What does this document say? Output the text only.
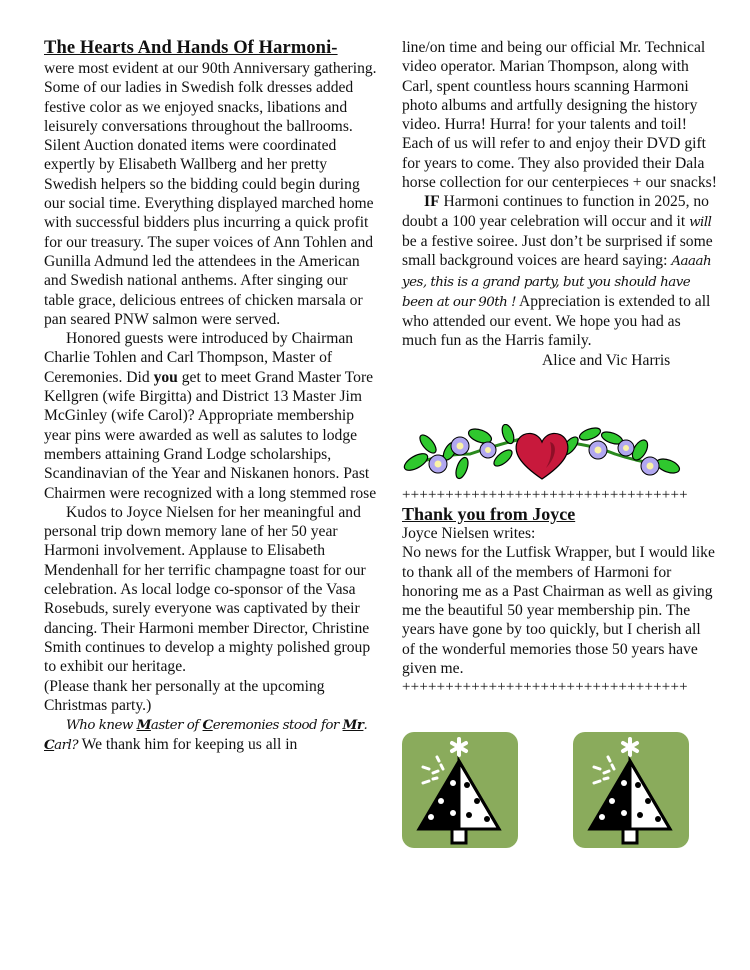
The Hearts And Hands Of Harmoni-

were most evident at our 90th Anniversary gathering. Some of our ladies in Swedish folk dresses added festive color as we enjoyed snacks, libations and leisurely conversations throughout the ballrooms. Silent Auction donated items were coordinated expertly by Elisabeth Wallberg and her pretty Swedish helpers so the bidding could begin during our social time. Everything displayed marched home with successful bidders plus incurring a quick profit for our treasury. The super voices of Ann Tohlen and Gunilla Admund led the attendees in the American and Swedish national anthems. After singing our table grace, delicious entrees of chicken marsala or pan seared PNW salmon were served.

Honored guests were introduced by Chairman Charlie Tohlen and Carl Thompson, Master of Ceremonies. Did you get to meet Grand Master Tore Kellgren (wife Birgitta) and District 13 Master Jim McGinley (wife Carol)? Appropriate membership year pins were awarded as well as salutes to lodge members attaining Grand Lodge scholarships, Scandinavian of the Year and Niskanen honors. Past Chairmen were recognized with a long stemmed rose

Kudos to Joyce Nielsen for her meaningful and personal trip down memory lane of her 50 year Harmoni involvement. Applause to Elisabeth Mendenhall for her terrific champagne toast for our celebration. As local lodge co-sponsor of the Vasa Rosebuds, surely everyone was captivated by their dancing. Their Harmoni member Director, Christine Smith continues to develop a mighty polished group to exhibit our heritage.

(Please thank her personally at the upcoming Christmas party.)

Who knew Master of Ceremonies stood for Mr. Carl? We thank him for keeping us all in

line/on time and being our official Mr. Technical video operator. Marian Thompson, along with Carl, spent countless hours scanning Harmoni photo albums and artfully designing the history video. Hurra! Hurra! for your talents and toil! Each of us will refer to and enjoy their DVD gift for years to come. They also provided their Dala horse collection for our centerpieces + our snacks!

IF Harmoni continues to function in 2025, no doubt a 100 year celebration will occur and it will be a festive soiree. Just don’t be surprised if some small background voices are heard saying: Aaaah yes, this is a grand party, but you should have been at our 90th ! Appreciation is extended to all who attended our event. We hope you had as much fun as the Harris family.

Alice and Vic Harris

+++++++++++++++++++++++++++++++++
Thank you from Joyce

Joyce Nielsen writes:

No news for the Lutfisk Wrapper, but I would like to thank all of the members of Harmoni for honoring me as a Past Chairman as well as giving me the beautiful 50 year membership pin. The years have gone by too quickly, but I cherish all of the wonderful memories those 50 years have given me.

+++++++++++++++++++++++++++++++++
